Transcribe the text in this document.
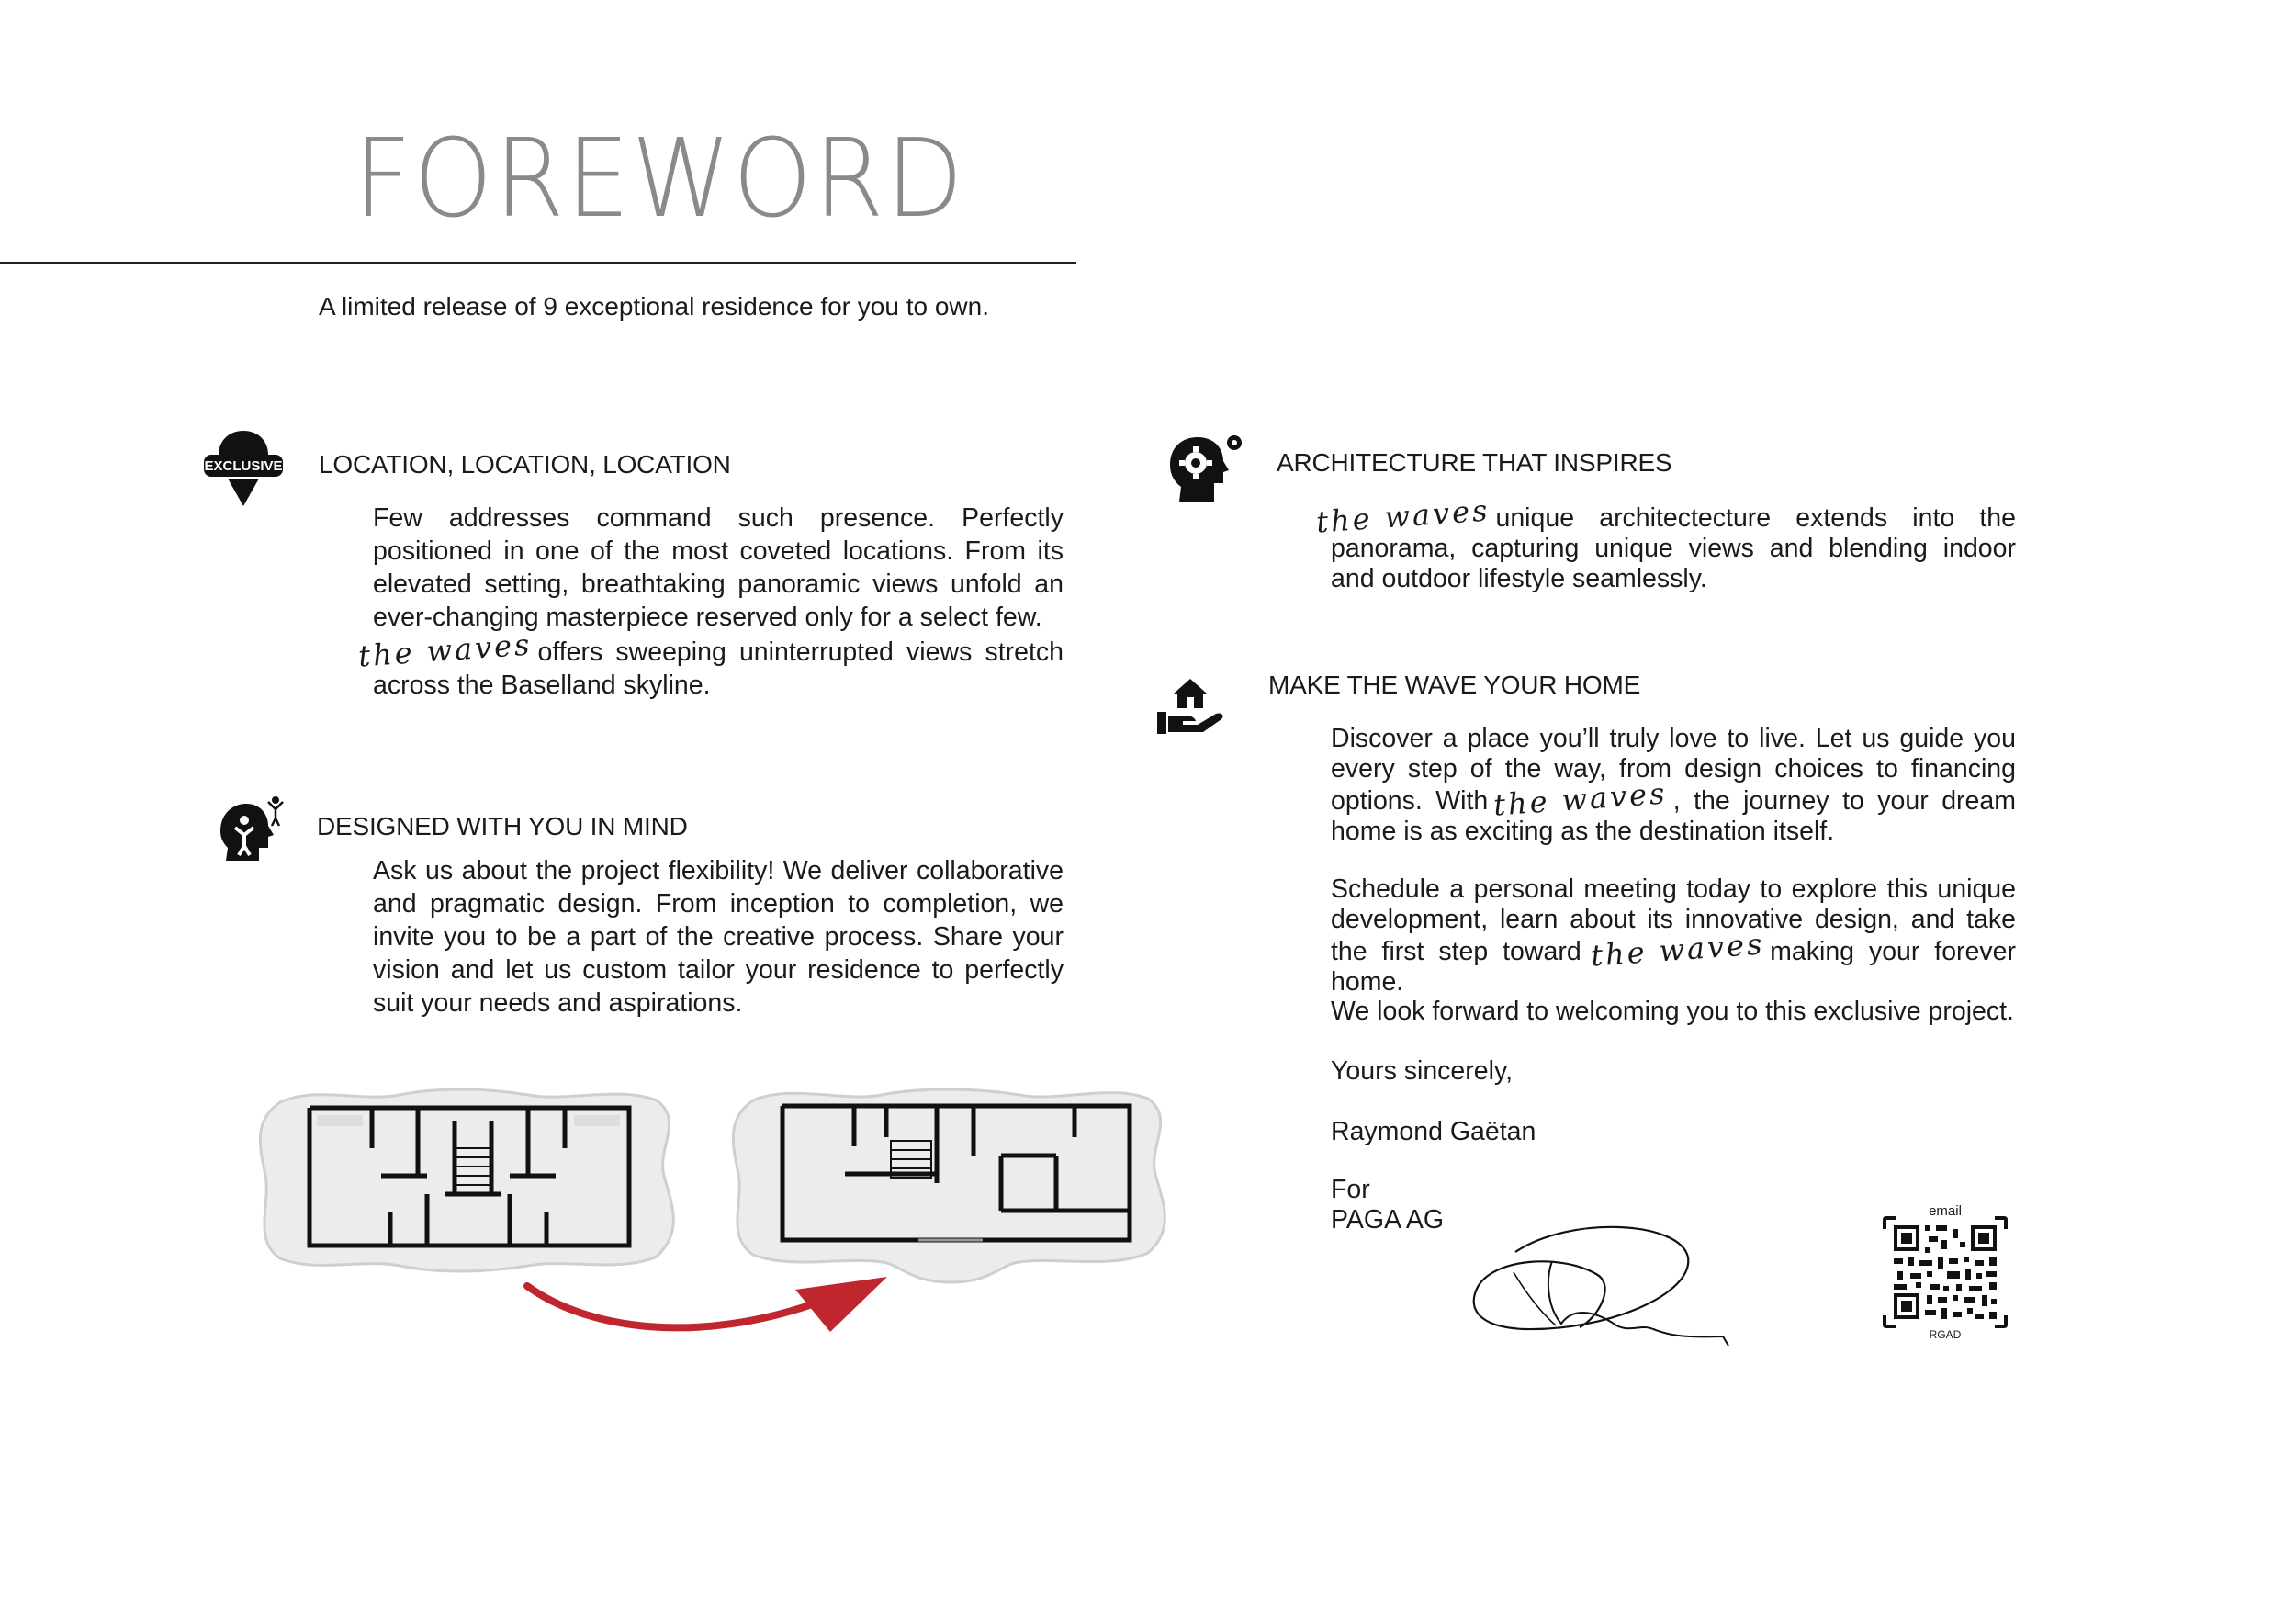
FOREWORD
A limited release of 9 exceptional residence for you to own.
EXCLUSIVE LOCATION, LOCATION, LOCATION

Few addresses command such presence. Perfectly positioned in one of the most coveted locations. From its elevated setting, breathtaking panoramic views unfold an ever-changing masterpiece reserved only for a select few.

the waves offers sweeping uninterrupted views stretch across the Baselland skyline.

DESIGNED WITH YOU IN MIND
Ask us about the project flexibility! We deliver collaborative and pragmatic design. From inception to completion, we invite you to be a part of the creative process. Share your vision and let us custom tailor your residence to perfectly suit your needs and aspirations.
ARCHITECTURE THAT INSPIRES
the waves unique architectecture extends into the panorama, capturing unique views and blending indoor and outdoor lifestyle seamlessly.
MAKE THE WAVE YOUR HOME
Discover a place you’ll truly love to live. Let us guide you every step of the way, from design choices to financing options. With the waves , the journey to your dream home is as exciting as the destination itself.
Schedule a personal meeting today to explore this unique development, learn about its innovative design, and take the first step toward the waves making your forever home.
We look forward to welcoming you to this exclusive project.
Yours sincerely,
Raymond Gaëtan
For
PAGA AG	email
RGAD
